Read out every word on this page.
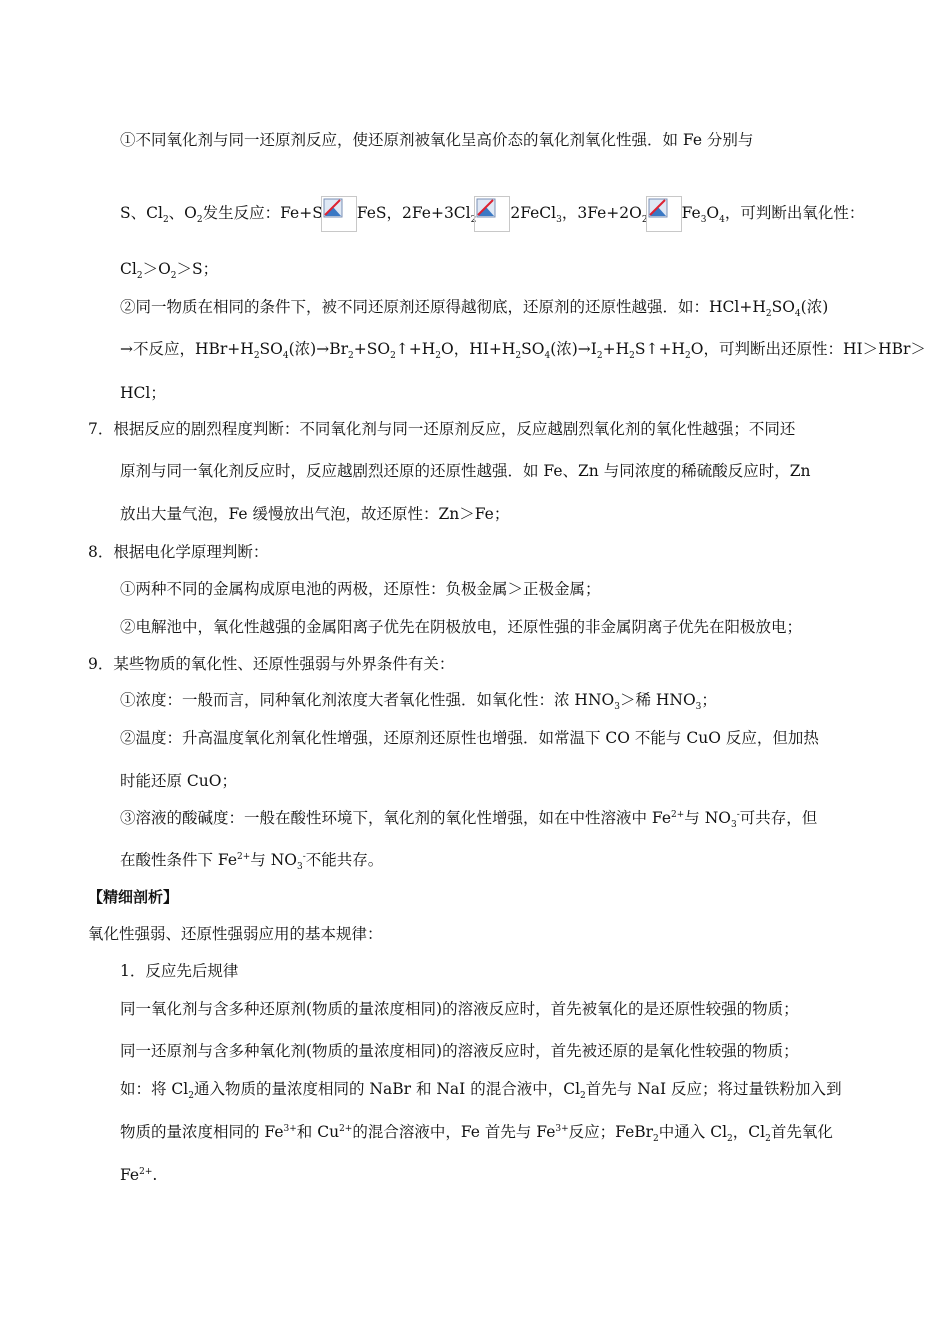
①不同氧化剂与同一还原剂反应，使还原剂被氧化呈高价态的氧化剂氧化性强．如 Fe 分别与
S、$Cl_2$、$O_2$发生反应：Fe+S FeS，$2Fe+3Cl_2$ 2FeCl$_3$，$3Fe+2O_2$ $Fe_3O_4$，可判断出氧化性：
$Cl_2>O_2>S$；
②同一物质在相同的条件下，被不同还原剂还原得越彻底，还原剂的还原性越强．如：$HCl+H_2SO_4$(浓)
→不反应，$HBr+H_2SO_4$(浓)$\to Br_2+SO_2↑+H_2O$，$HI+H_2SO_4$(浓)$\to I_2+H_2S↑+H_2O$，可判断出还原性：HI＞HBr＞
HCl；
7．根据反应的剧烈程度判断：不同氧化剂与同一还原剂反应，反应越剧烈氧化剂的氧化性越强；不同还
原剂与同一氧化剂反应时，反应越剧烈还原的还原性越强．如 Fe、Zn 与同浓度的稀硫酸反应时，Zn
放出大量气泡，Fe 缓慢放出气泡，故还原性：Zn＞Fe；
8．根据电化学原理判断：
①两种不同的金属构成原电池的两极，还原性：负极金属＞正极金属；
②电解池中，氧化性越强的金属阳离子优先在阴极放电，还原性强的非金属阴离子优先在阳极放电；
9．某些物质的氧化性、还原性强弱与外界条件有关：
①浓度：一般而言，同种氧化剂浓度大者氧化性强．如氧化性：浓 $HNO_3>$稀 $HNO_3$；
②温度：升高温度氧化剂氧化性增强，还原剂还原性也增强．如常温下 CO 不能与 CuO 反应，但加热
时能还原 CuO；
③溶液的酸碱度：一般在酸性环境下，氧化剂的氧化性增强，如在中性溶液中 $Fe^{2+}$与 $NO_3^-$可共存，但
在酸性条件下 $Fe^{2+}$与 $NO_3^-$不能共存。
【精细剖析】
氧化性强弱、还原性强弱应用的基本规律：
1．反应先后规律
同一氧化剂与含多种还原剂(物质的量浓度相同)的溶液反应时，首先被氧化的是还原性较强的物质；
同一还原剂与含多种氧化剂(物质的量浓度相同)的溶液反应时，首先被还原的是氧化性较强的物质；
如：将 $Cl_2$通入物质的量浓度相同的 NaBr 和 NaI 的混合液中，$Cl_2$首先与 NaI 反应；将过量铁粉加入到
物质的量浓度相同的 $Fe^{3+}$和 $Cu^{2+}$的混合溶液中，Fe 首先与 $Fe^{3+}$反应；FeBr$_2$中通入 $Cl_2$，$Cl_2$首先氧化
$Fe^{2+}$.
